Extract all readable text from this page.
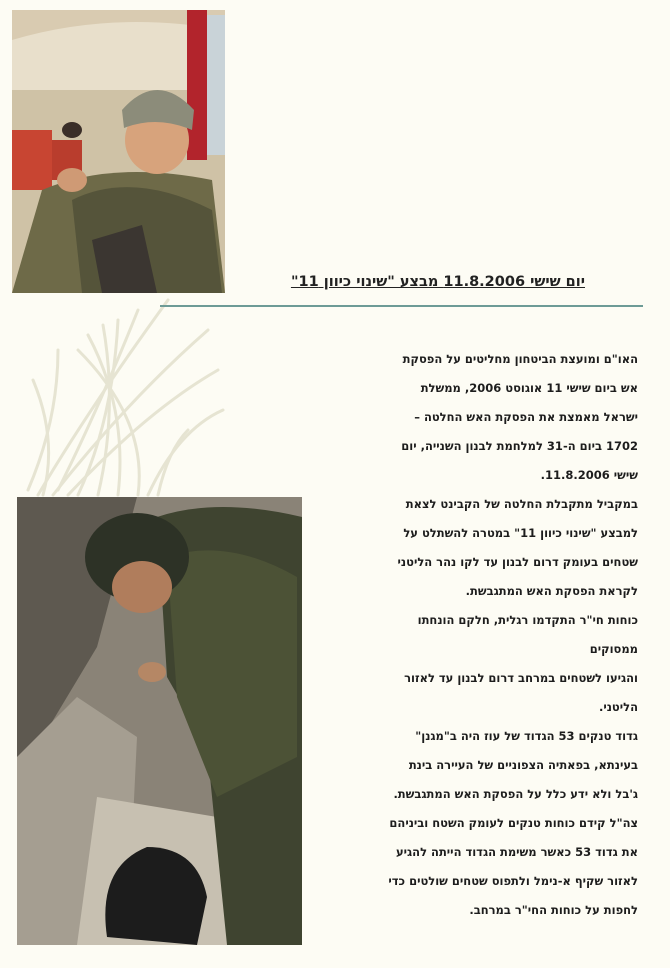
יום שישי 11.8.2006 מבצע "שינוי כיוון 11"
האו"ם ומועצת הביטחון מחליטים על הפסקת
אש ביום שישי 11 אוגוסט 2006, ממשלת
ישראל מאמצת את הפסקת האש החלטה –
1702 ביום ה-31 למלחמת לבנון השנייה, יום
שישי 11.8.2006.
במקביל מתקבלת החלטה של הקבינט לצאת
למבצע "שינוי כיוון 11" במטרה להשתלט על
שטחים בעומק דרום לבנון עד לקו נהר הליטני
לקראת הפסקת האש המתגבשת.
כוחות חי"ר התקדמו רגלית, חלקם הונחתו
ממסוקים
והגיעו לשטחים במרחב דרום לבנון עד לאזור
הליטני.
גדוד טנקים 53 הגדוד של עוז היה ב"מגנן"
בעינתא, בפאתיה הצפוניים של העיירה בינת
ג'בל ולא ידע כלל על הפסקת האש המתגבשת.
צה"ל קידם כוחות טנקים לעומק השטח וביניהם
את גדוד 53 כאשר משימת הגדוד הייתה להגיע
לאזור שקיף א-נימל ולתפוס שטחים שולטים כדי
לחפות על כוחות החי"ר במרחב.
